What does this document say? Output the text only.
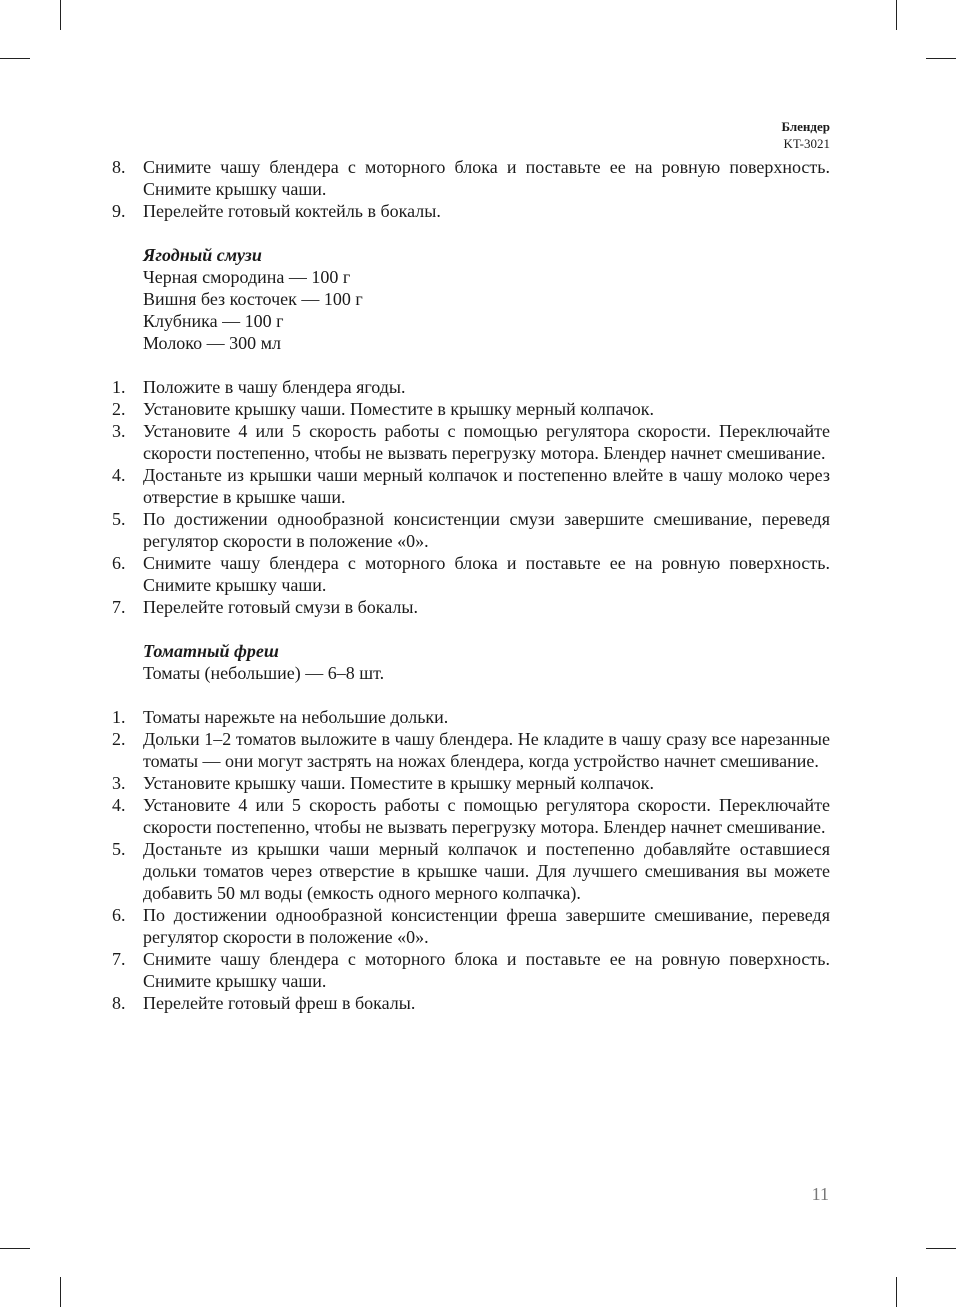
Блендер
KT-3021
8. Снимите чашу блендера с моторного блока и поставьте ее на ровную поверхность. Снимите крышку чаши.
9. Перелейте готовый коктейль в бокалы.
Ягодный смузи

Черная смородина — 100 г

Вишня без косточек — 100 г

Клубника — 100 г

Молоко — 300 мл

1. Положите в чашу блендера ягоды.
2. Установите крышку чаши. Поместите в крышку мерный колпачок.
3. Установите 4 или 5 скорость работы с помощью регулятора скорости. Переключайте скорости постепенно, чтобы не вызвать перегрузку мотора. Блендер начнет смешивание.
4. Достаньте из крышки чаши мерный колпачок и постепенно влейте в чашу молоко через отверстие в крышке чаши.
5. По достижении однообразной консистенции смузи завершите смешивание, переведя регулятор скорости в положение «0».
6. Снимите чашу блендера с моторного блока и поставьте ее на ровную поверхность. Снимите крышку чаши.
7. Перелейте готовый смузи в бокалы.
Томатный фреш

Томаты (небольшие) — 6–8 шт.

1. Томаты нарежьте на небольшие дольки.
2. Дольки 1–2 томатов выложите в чашу блендера. Не кладите в чашу сразу все нарезанные томаты — они могут застрять на ножах блендера, когда устройство начнет смешивание.
3. Установите крышку чаши. Поместите в крышку мерный колпачок.
4. Установите 4 или 5 скорость работы с помощью регулятора скорости. Переключайте скорости постепенно, чтобы не вызвать перегрузку мотора. Блендер начнет смешивание.
5. Достаньте из крышки чаши мерный колпачок и постепенно добавляйте оставшиеся дольки томатов через отверстие в крышке чаши. Для лучшего смешивания вы можете добавить 50 мл воды (емкость одного мерного колпачка).
6. По достижении однообразной консистенции фреша завершите смешивание, переведя регулятор скорости в положение «0».
7. Снимите чашу блендера с моторного блока и поставьте ее на ровную поверхность. Снимите крышку чаши.
8. Перелейте готовый фреш в бокалы.
11
